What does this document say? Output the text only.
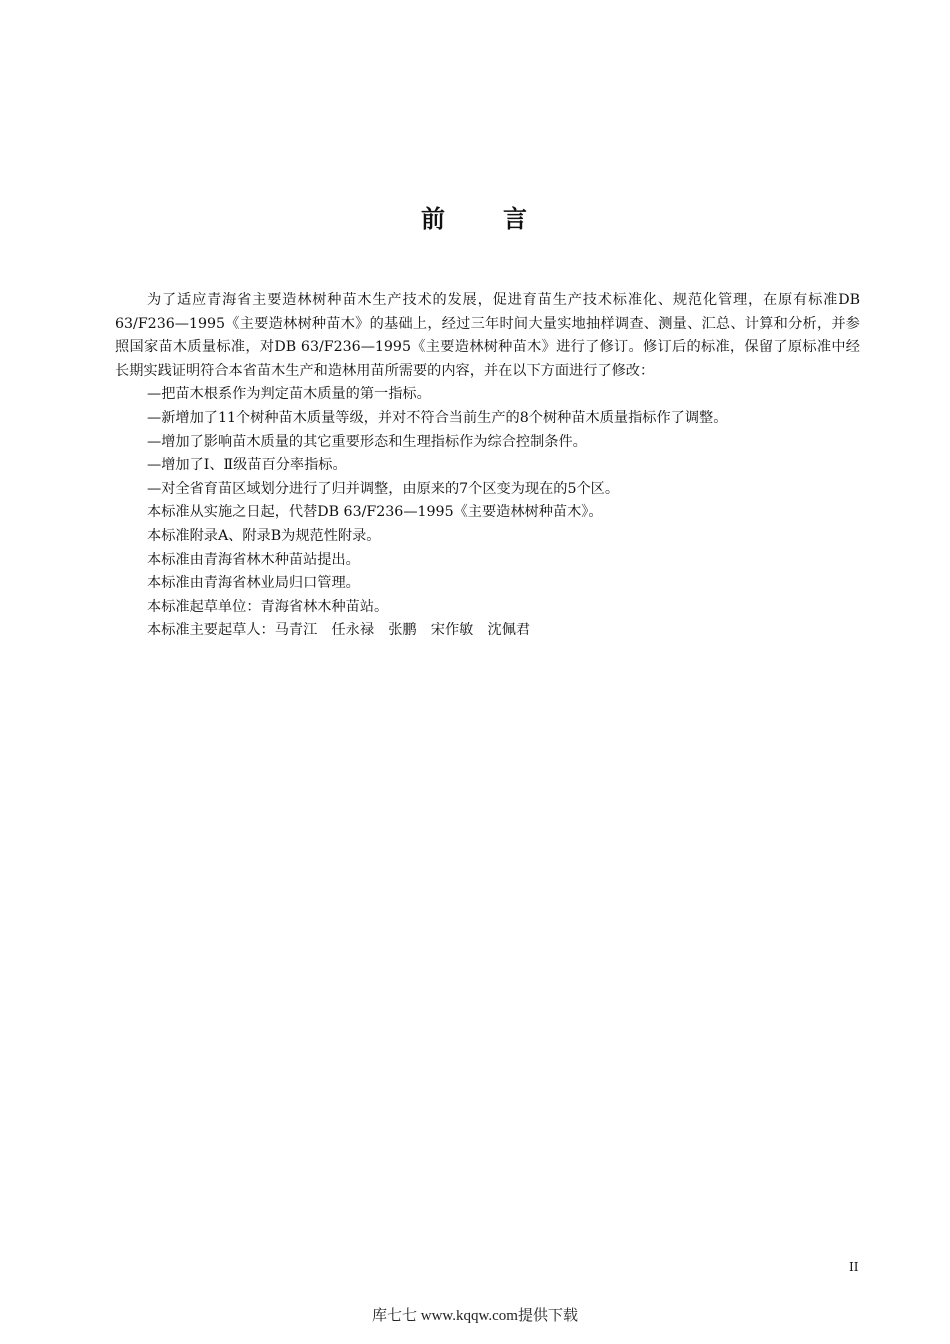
前 言

为了适应青海省主要造林树种苗木生产技术的发展，促进育苗生产技术标准化、规范化管理，在原有标准DB 63/F236—1995《主要造林树种苗木》的基础上，经过三年时间大量实地抽样调查、测量、汇总、计算和分析，并参照国家苗木质量标准，对DB 63/F236—1995《主要造林树种苗木》进行了修订。修订后的标准，保留了原标准中经长期实践证明符合本省苗木生产和造林用苗所需要的内容，并在以下方面进行了修改：

—把苗木根系作为判定苗木质量的第一指标。

—新增加了11个树种苗木质量等级，并对不符合当前生产的8个树种苗木质量指标作了调整。

—增加了影响苗木质量的其它重要形态和生理指标作为综合控制条件。

—增加了Ⅰ、Ⅱ级苗百分率指标。

—对全省育苗区域划分进行了归并调整，由原来的7个区变为现在的5个区。

本标准从实施之日起，代替DB 63/F236—1995《主要造林树种苗木》。

本标准附录A、附录B为规范性附录。

本标准由青海省林木种苗站提出。

本标准由青海省林业局归口管理。

本标准起草单位：青海省林木种苗站。

本标准主要起草人：马青江　任永禄　张鹏　宋作敏　沈佩君

II
库七七 www.kqqw.com提供下载
